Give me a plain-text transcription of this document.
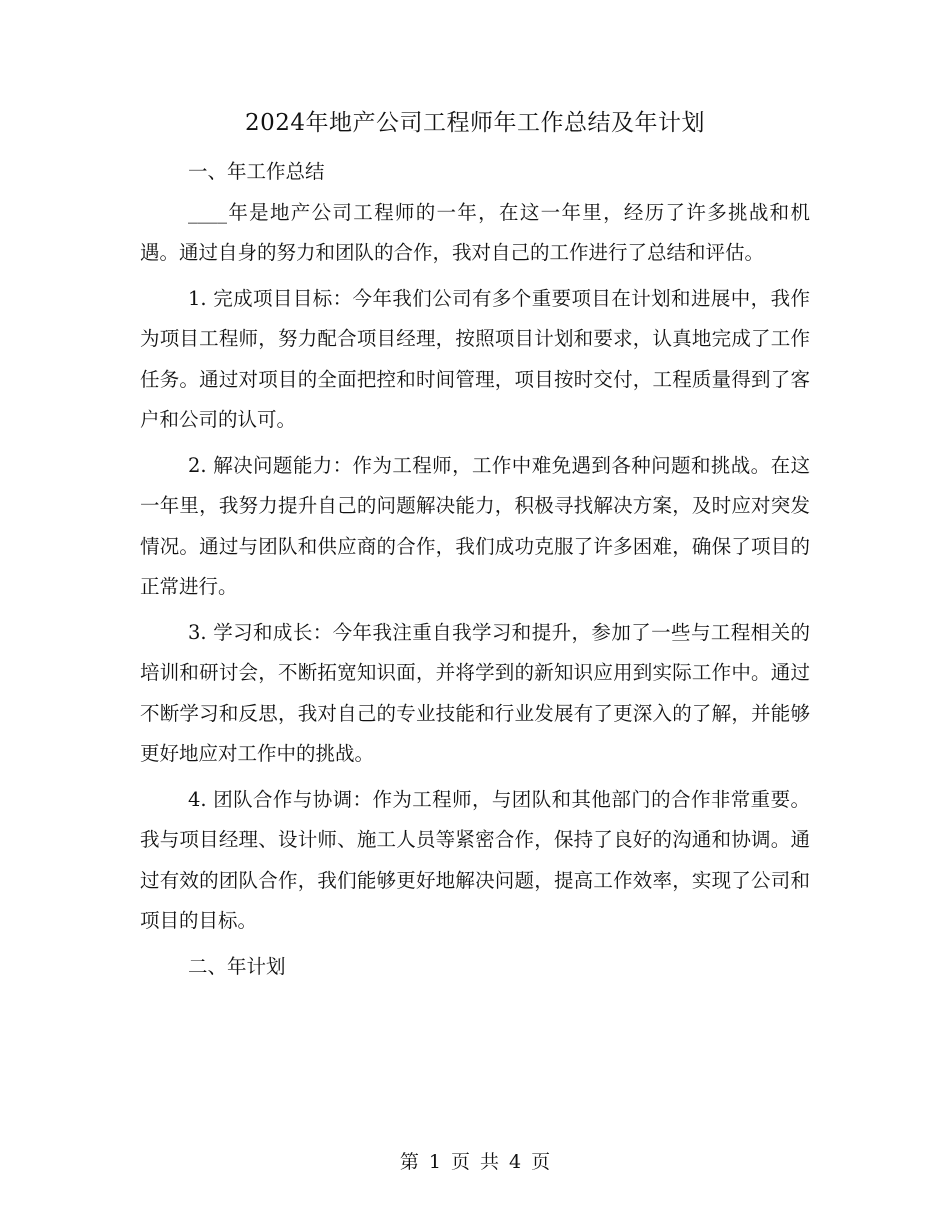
2024年地产公司工程师年工作总结及年计划

一、年工作总结

____年是地产公司工程师的一年，在这一年里，经历了许多挑战和机遇。通过自身的努力和团队的合作，我对自己的工作进行了总结和评估。

1. 完成项目目标：今年我们公司有多个重要项目在计划和进展中，我作为项目工程师，努力配合项目经理，按照项目计划和要求，认真地完成了工作任务。通过对项目的全面把控和时间管理，项目按时交付，工程质量得到了客户和公司的认可。

2. 解决问题能力：作为工程师，工作中难免遇到各种问题和挑战。在这一年里，我努力提升自己的问题解决能力，积极寻找解决方案，及时应对突发情况。通过与团队和供应商的合作，我们成功克服了许多困难，确保了项目的正常进行。

3. 学习和成长：今年我注重自我学习和提升，参加了一些与工程相关的培训和研讨会，不断拓宽知识面，并将学到的新知识应用到实际工作中。通过不断学习和反思，我对自己的专业技能和行业发展有了更深入的了解，并能够更好地应对工作中的挑战。

4. 团队合作与协调：作为工程师，与团队和其他部门的合作非常重要。我与项目经理、设计师、施工人员等紧密合作，保持了良好的沟通和协调。通过有效的团队合作，我们能够更好地解决问题，提高工作效率，实现了公司和项目的目标。

二、年计划

第 1 页 共 4 页
